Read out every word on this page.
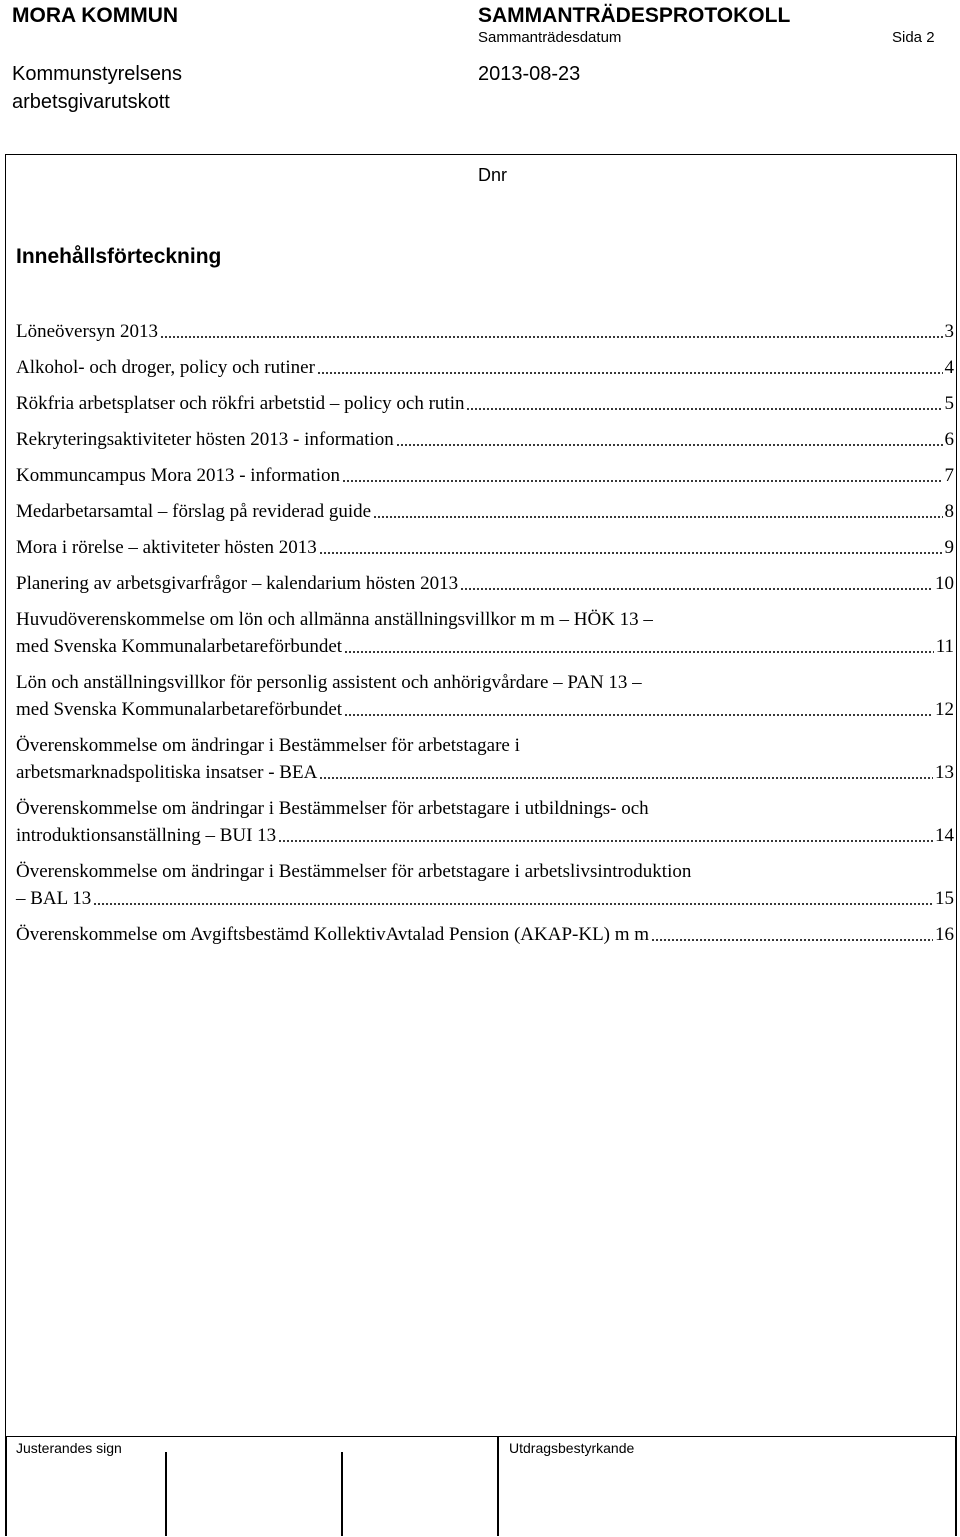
MORA KOMMUN	SAMMANTRÄDESPROTOKOLL
Sammanträdesdatum	Sida 2
Kommunstyrelsens arbetsgivarutskott
2013-08-23
Dnr
Innehållsförteckning
Löneöversyn 2013	3
Alkohol- och droger, policy och rutiner	4
Rökfria arbetsplatser och rökfri arbetstid – policy och rutin	5
Rekryteringsaktiviteter hösten 2013 - information	6
Kommuncampus Mora 2013 - information	7
Medarbetarsamtal – förslag på reviderad guide	8
Mora i rörelse – aktiviteter hösten 2013	9
Planering av arbetsgivarfrågor – kalendarium hösten 2013	10
Huvudöverenskommelse om lön och allmänna anställningsvillkor m m – HÖK 13 –
med Svenska Kommunalarbetareförbundet	11
Lön och anställningsvillkor för personlig assistent och anhörigvårdare – PAN 13 –
med Svenska Kommunalarbetareförbundet	12
Överenskommelse om ändringar i Bestämmelser för arbetstagare i
arbetsmarknadspolitiska insatser - BEA	13
Överenskommelse om ändringar i Bestämmelser för arbetstagare i utbildnings- och
introduktionsanställning – BUI 13	14
Överenskommelse om ändringar i Bestämmelser för arbetstagare i arbetslivsintroduktion
– BAL 13	15
Överenskommelse om Avgiftsbestämd KollektivAvtalad Pension (AKAP-KL) m m	16
Justerandes sign	Utdragsbestyrkande
